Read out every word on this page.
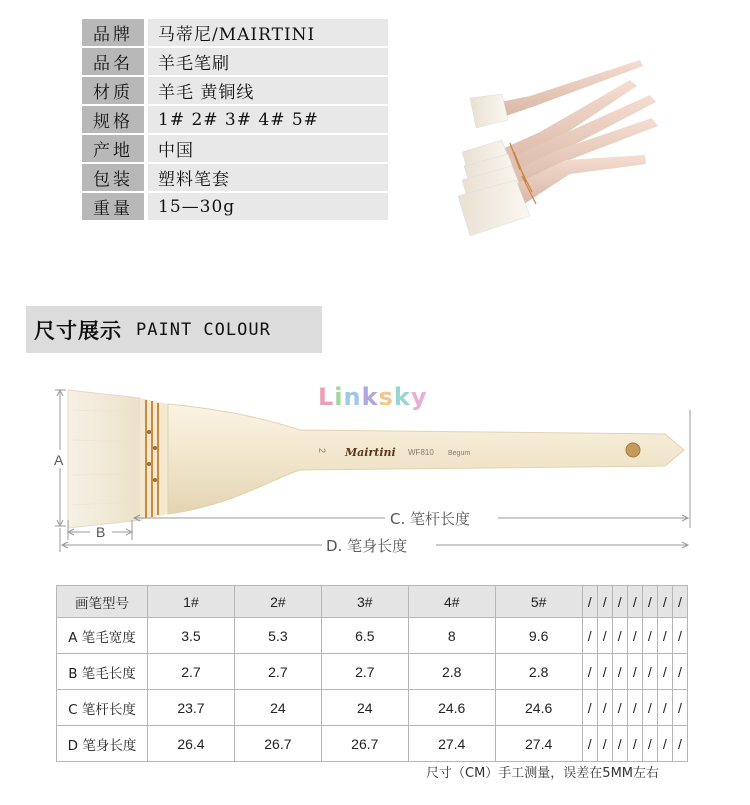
品牌		马蒂尼/MAIRTINI
品名		羊毛笔刷
材质		羊毛 黄铜线
规格		1# 2# 3# 4# 5#
产地		中国
包装		塑料笔套
重量		15—30g
尺寸展示 PAINT COLOUR
2 Mairtini WF810 Begum
A
B
C. 笔杆长度
D. 笔身长度
Linksky
画笔型号	1#	2#	3#	4#	5#	/	/	/	/	/	/	/
A 笔毛宽度	3.5	5.3	6.5	8	9.6	/	/	/	/	/	/	/
B 笔毛长度	2.7	2.7	2.7	2.8	2.8	/	/	/	/	/	/	/
C 笔杆长度	23.7	24	24	24.6	24.6	/	/	/	/	/	/	/
D 笔身长度	26.4	26.7	26.7	27.4	27.4	/	/	/	/	/	/	/
尺寸（CM）手工测量，误差在5MM左右
